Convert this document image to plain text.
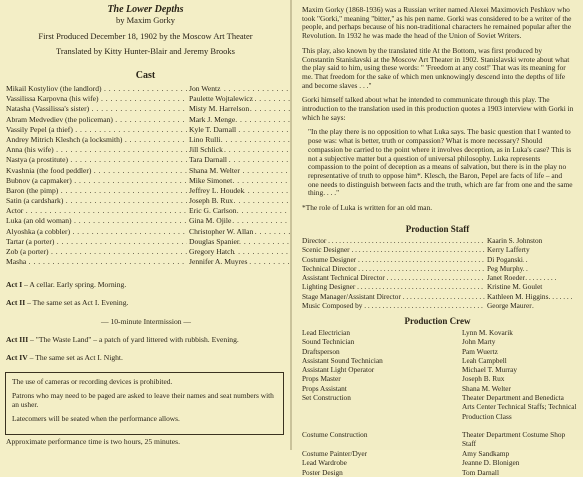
The Lower Depths
by Maxim Gorky
First Produced December 18, 1902 by the Moscow Art Theater
Translated by Kitty Hunter-Blair and Jeremy Brooks
Cast
Mikail Kostyliov (the landlord) . . .	Jon Wentz
Vassilissa Karpovna (his wife) . . .	Paulette Wojtalewicz
Natasha (Vassilissa's sister) . . .	Misty M. Harrelson
Abram Medvediev (the policeman) . . .	Mark J. Menge
Vassily Pepel (a thief) . . .	Kyle T. Darnall
Andrey Mitrich Kleshch (a locksmith) . . .	Lino Rulli
Anna (his wife) . . .	Jill Schlick
Nastya (a prostitute) . . .	Tara Darnall
Kvashnia (the food peddler) . . .	Shana M. Welter
Bubnov (a capmaker) . . .	Mike Simonet
Baron (the pimp) . . .	Jeffrey L. Houdek
Satin (a cardshark) . . .	Joseph B. Rux
Actor . . .	Eric G. Carlson
Luka (an old woman) . . .	Gina M. Ojile
Alyoshka (a cobbler) . . .	Christopher W. Allan
Tartar (a porter) . . .	Douglas Spanier
Zob (a porter) . . .	Gregory Hatch
Masha . . .	Jennifer A. Muyres
Act I – A cellar. Early spring. Morning.
Act II – The same set as Act I. Evening.
— 10-minute Intermission —
Act III – "The Waste Land" – a patch of yard littered with rubbish. Evening.
Act IV – The same set as Act I. Night.

The use of cameras or recording devices is prohibited.

Patrons who may need to be paged are asked to leave their names and seat numbers with an usher.

Latecomers will be seated when the performance allows.

Approximate performance time is two hours, 25 minutes.

Maxim Gorky (1868-1936) was a Russian writer named Alexei Maximovich Peshkov who took "Gorki," meaning "bitter," as his pen name. Gorki was considered to be a writer of the people, and perhaps because of his non-traditional characters he remained popular after the Revolution. In 1932 he was made the head of the Union of Soviet Writers.

This play, also known by the translated title At the Bottom, was first produced by Constantin Stanislavski at the Moscow Art Theater in 1902. Stanislavski wrote about what the play said to him, using these words: " 'Freedom at any cost!' That was its meaning for me. That freedom for the sake of which men unknowingly descend into the depths of life and become slaves . . ."

Gorki himself talked about what he intended to communicate through this play. The introduction to the translation used in this production quotes a 1903 interview with Gorki in which he says:

"In the play there is no opposition to what Luka says. The basic question that I wanted to pose was: what is better, truth or compassion? What is more necessary? Should compassion be carried to the point where it involves deception, as in Luka's case? This is not a subjective matter but a question of universal philosophy. Luka represents compassion to the point of deception as a means of salvation, but there is in the play no representative of truth to oppose him*. Klesch, the Baron, Pepel are facts of life – and one needs to distinguish between facts and the truth, which are far from one and the same thing. . . ."

*The role of Luka is written for an old man.

Production Staff
Director . . .	Kaarin S. Johnston
Scenic Designer . . .	Kerry Lafferty
Costume Designer . . .	Di Poganski
Technical Director . . .	Peg Murphy
Assistant Technical Director . . .	Janet Roeder
Lighting Designer . . .	Kristine M. Goulet
Stage Manager/Assistant Director . . .	Kathleen M. Higgins
Music Composed by . . .	George Maurer
Production Crew
Lead Electrician	Lynn M. Kovarik
Sound Technician	John Marty
Draftsperson	Pam Wuertz
Assistant Sound Technician	Leah Campbell
Assistant Light Operator	Michael T. Murray
Props Master	Joseph B. Rux
Props Assistant	Shana M. Welter
Set Construction	Theater Department and Benedicta Arts Center Technical Staffs; Technical Production Class
Costume Construction	Theater Department Costume Shop Staff
Costume Painter/Dyer	Amy Sandkamp
Lead Wardrobe	Jeanne D. Blonigen
Poster Design	Tom Darnall
